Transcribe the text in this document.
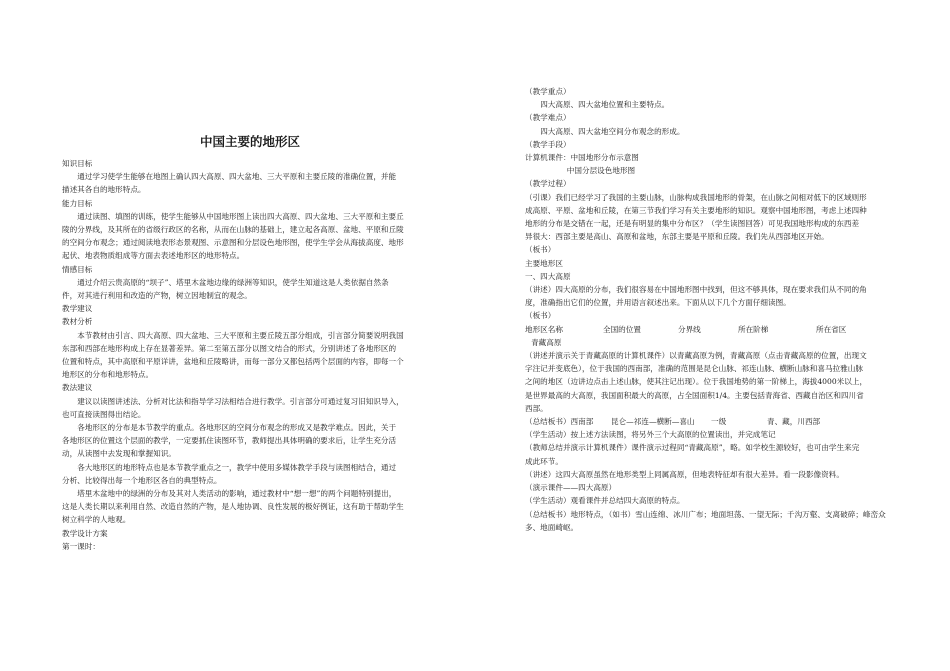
中国主要的地形区
知识目标
通过学习使学生能够在地图上确认四大高原、四大盆地、三大平原和主要丘陵的准确位置，并能
描述其各自的地形特点。
能力目标
通过读图、填图的训练，使学生能够从中国地形图上读出四大高原、四大盆地、三大平原和主要丘
陵的分界线，及其所在的省级行政区的名称，从而在山脉的基础上，建立起各高原、盆地、平原和丘陵
的空间分布观念；通过阅读地表形态景观图、示意图和分层设色地形图，使学生学会从海拔高度、地形
起伏、地表物质组成等方面去表述地形区的地形特点。
情感目标
通过介绍云贵高原的“坝子”、塔里木盆地边缘的绿洲等知识，使学生知道这是人类依据自然条
件，对其进行利用和改造的产物，树立因地制宜的观念。
教学建议
教材分析
本节教材由引言、四大高原、四大盆地、三大平原和主要丘陵五部分组成，引言部分简要说明我国
东部和西部在地形构成上存在显著差异。第二至第五部分以图文结合的形式，分别讲述了各地形区的
位置和特点，其中高原和平原详讲，盆地和丘陵略讲，而每一部分又都包括两个层面的内容，即每一个
地形区的分布和地形特点。
教法建议
建议以读图讲述法、分析对比法和指导学习法相结合进行教学。引言部分可通过复习旧知识导入，
也可直接读图得出结论。
各地形区的分布是本节教学的重点。各地形区的空间分布观念的形成又是教学难点。因此，关于
各地形区的位置这个层面的教学，一定要抓住读图环节，教师提出具体明确的要求后，让学生充分活
动，从读图中去发现和掌握知识。
各大地形区的地形特点也是本节教学重点之一，教学中使用多媒体教学手段与读图相结合，通过
分析、比较得出每一个地形区各自的典型特点。
塔里木盆地中的绿洲的分布及其对人类活动的影响，通过教材中“想一想”的两个问题特别提出，
这是人类长期以来利用自然、改造自然的产物，是人地协调、良性发展的极好例证，这有助于帮助学生
树立科学的人地观。
教学设计方案
第一课时：
（教学重点）
四大高原、四大盆地位置和主要特点。
（教学难点）
四大高原、四大盆地空间分布观念的形成。
（教学手段）
计算机课件：中国地形分布示意图
中国分层设色地形图
（教学过程）
（引课）我们已经学习了我国的主要山脉，山脉构成我国地形的骨架，在山脉之间相对低下的区域则形
成高原、平原、盆地和丘陵，在第三节我们学习有关主要地形的知识。观察中国地形图，考虑上述四种
地形的分布是交错在一起，还是有明显的集中分布区？（学生读图回答）可见我国地形构成的东西差
异很大：西部主要是高山、高原和盆地，东部主要是平原和丘陵。我们先从西部地区开始。
（板书）
主要地形区
一、四大高原
（讲述）四大高原的分布，我们很容易在中国地形图中找到，但这不够具体，现在要求我们从不同的角
度，准确指出它们的位置，并用语言叙述出来。下面从以下几个方面仔细读图。
（板书）
地形区名称	全国的位置	分界线	所在阶梯	所在省区
青藏高原
（讲述并演示关于青藏高原的计算机课件）以青藏高原为例，青藏高原（点击青藏高原的位置，出现文
字注记并变底色），位于我国的西南部，准确的范围是昆仑山脉、祁连山脉、横断山脉和喜马拉雅山脉
之间的地区（边讲边点击上述山脉，使其注记出现）。位于我国地势的第一阶梯上，海拔4000米以上，
是世界最高的大高原，我国面积最大的高原，占全国面积1/4。主要包括青海省、西藏自治区和四川省
西部。
（总结板书）西南部	昆仑—祁连—横断—喜山	一级	青、藏，川西部
（学生活动）按上述方法读图，将另外三个大高原的位置读出，并完成笔记
（教师总结并演示计算机课件）课件演示过程同“青藏高原”，略。如学校生源较好，也可由学生来完
成此环节。
（讲述）这四大高原虽然在地形类型上同属高原，但地表特征却有很大差异。看一段影像资料。
（演示课件——四大高原）
（学生活动）观看课件并总结四大高原的特点。
（总结板书）地形特点，（如书）雪山连绵、冰川广布；地面坦荡、一望无际；千沟万壑、支离破碎；峰峦众
多、地面崎岖。
